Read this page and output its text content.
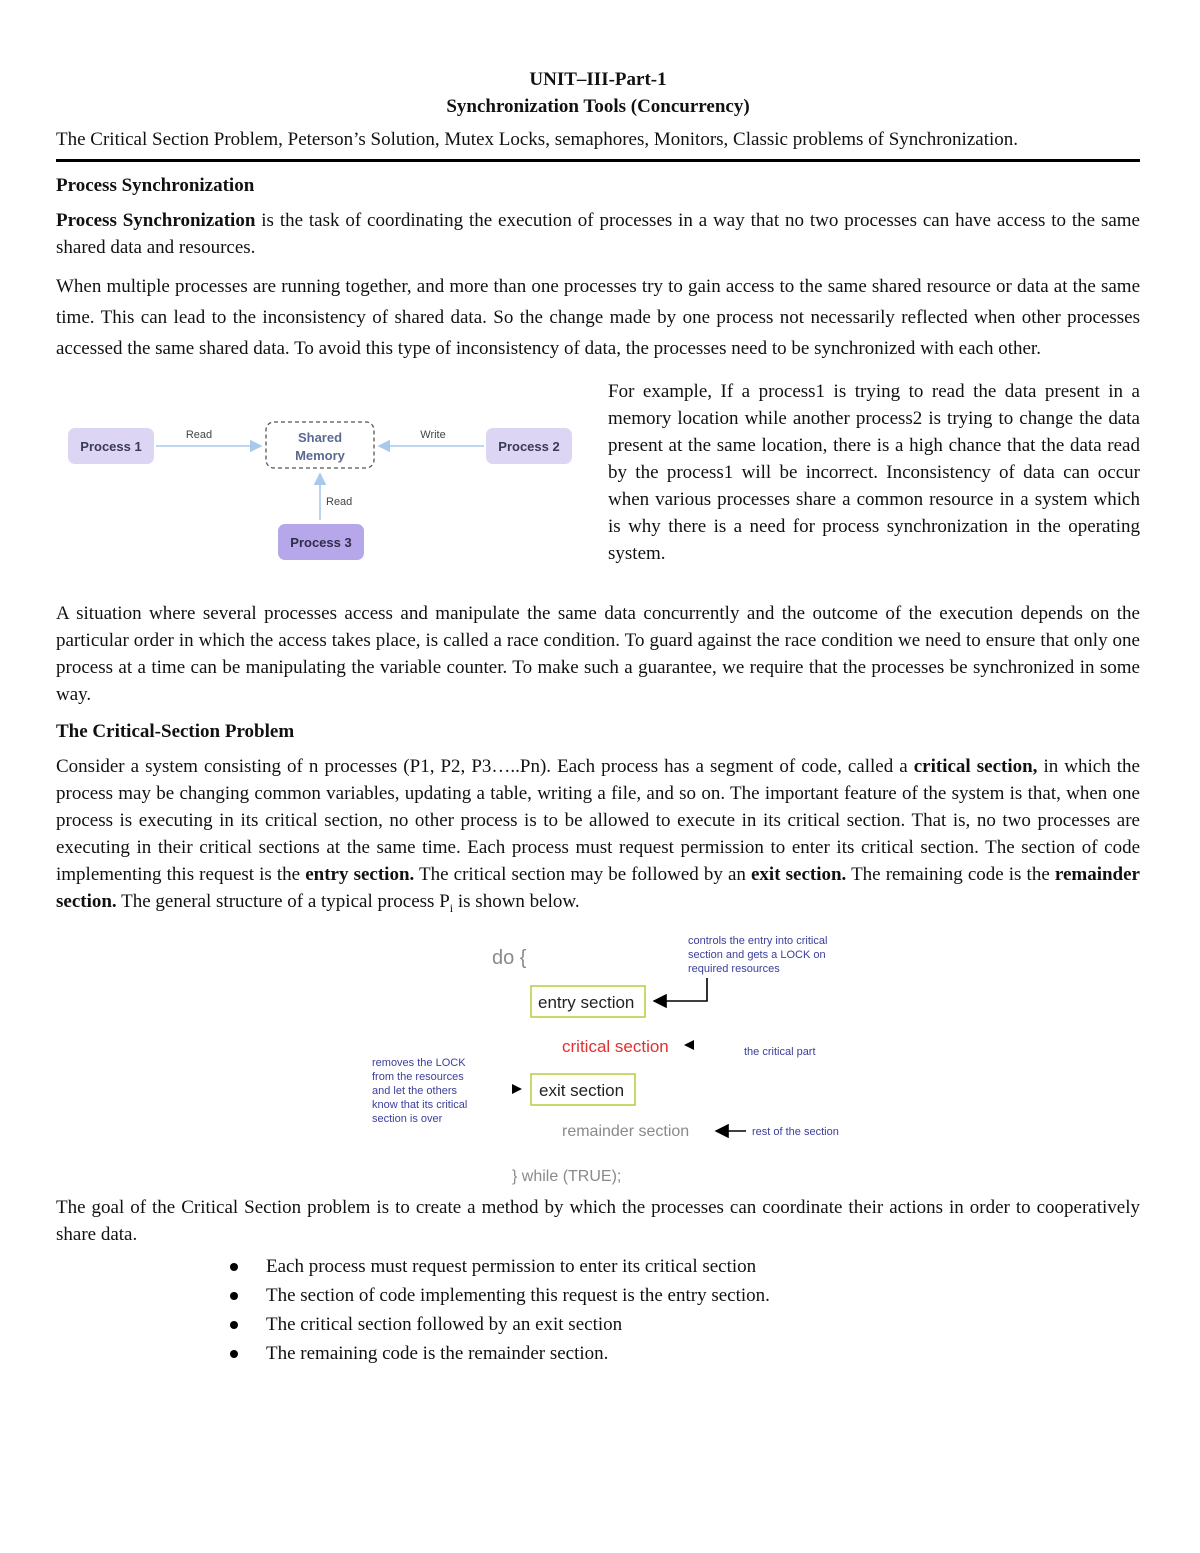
UNIT–III-Part-1
Synchronization Tools (Concurrency)

The Critical Section Problem, Peterson’s Solution, Mutex Locks, semaphores, Monitors, Classic problems of Synchronization.

Process Synchronization

Process Synchronization is the task of coordinating the execution of processes in a way that no two processes can have access to the same shared data and resources.

When multiple processes are running together, and more than one processes try to gain access to the same shared resource or data at the same time. This can lead to the inconsistency of shared data. So the change made by one process not necessarily reflected when other processes accessed the same shared data. To avoid this type of inconsistency of data, the processes need to be synchronized with each other.

Process 1
Shared
Memory
Process 2
Process 3
Read	Write
Read
For example, If a process1 is trying to read the data present in a memory location while another process2 is trying to change the data present at the same location, there is a high chance that the data read by the process1 will be incorrect. Inconsistency of data can occur when various processes share a common resource in a system which is why there is a need for process synchronization in the operating system.

A situation where several processes access and manipulate the same data concurrently and the outcome of the execution depends on the particular order in which the access takes place, is called a race condition. To guard against the race condition we need to ensure that only one process at a time can be manipulating the variable counter. To make such a guarantee, we require that the processes be synchronized in some way.

The Critical-Section Problem

Consider a system consisting of n processes (P1, P2, P3…..Pn). Each process has a segment of code, called a critical section, in which the process may be changing common variables, updating a table, writing a file, and so on. The important feature of the system is that, when one process is executing in its critical section, no other process is to be allowed to execute in its critical section. That is, no two processes are executing in their critical sections at the same time. Each process must request permission to enter its critical section. The section of code implementing this request is the entry section. The critical section may be followed by an exit section. The remaining code is the remainder section. The general structure of a typical process $P_i$ is shown below.

do {
controls the entry into critical
section and gets a LOCK on
required resources
entry section
critical section	the critical part
removes the LOCK
from the resources
and let the others
know that its critical
section is over
exit section
remainder section	rest of the section
} while (TRUE);

The goal of the Critical Section problem is to create a method by which the processes can coordinate their actions in order to cooperatively share data.

Each process must request permission to enter its critical section
The section of code implementing this request is the entry section.
The critical section followed by an exit section
The remaining code is the remainder section.
